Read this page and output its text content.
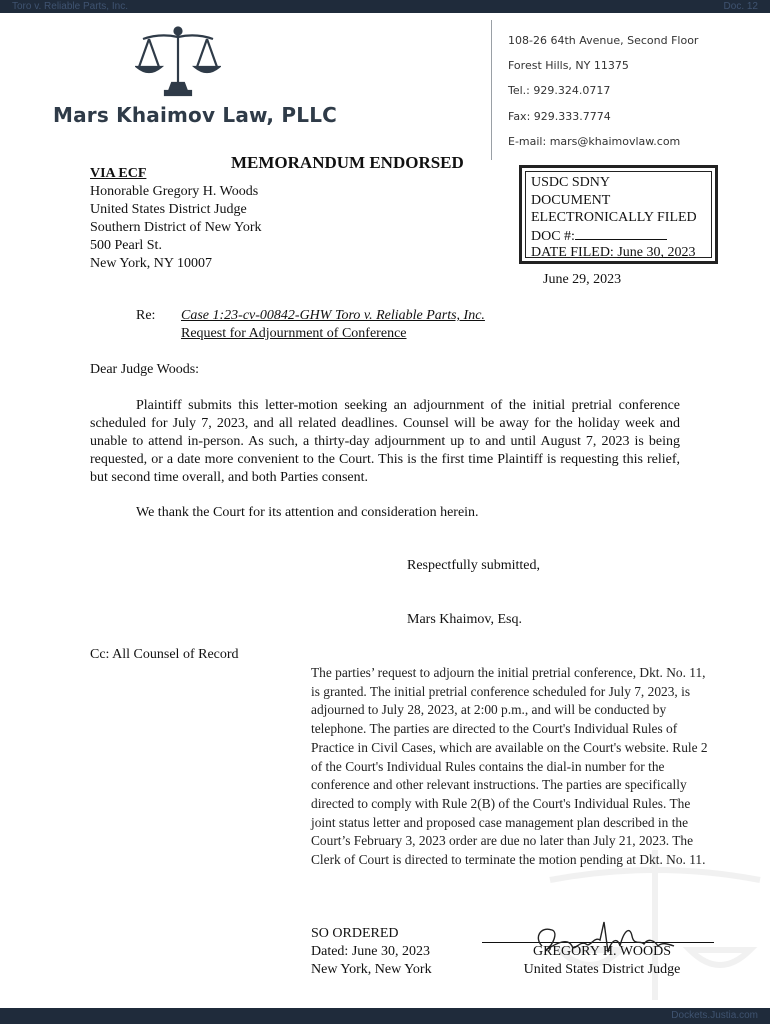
Toro v. Reliable Parts, Inc.	Doc. 12
Mars Khaimov Law, PLLC
108-26 64th Avenue, Second Floor
Forest Hills, NY 11375
Tel.: 929.324.0717
Fax: 929.333.7774
E-mail: mars@khaimovlaw.com
MEMORANDUM ENDORSED
VIA ECF
Honorable Gregory H. Woods
United States District Judge
Southern District of New York
500 Pearl St.
New York, NY 10007
USDC SDNY
DOCUMENT
ELECTRONICALLY FILED
DOC #:
DATE FILED: June 30, 2023
June 29, 2023
Re: Case 1:23-cv-00842-GHW Toro v. Reliable Parts, Inc.
Request for Adjournment of Conference
Dear Judge Woods:
Plaintiff submits this letter-motion seeking an adjournment of the initial pretrial conference scheduled for July 7, 2023, and all related deadlines. Counsel will be away for the holiday week and unable to attend in-person. As such, a thirty-day adjournment up to and until August 7, 2023 is being requested, or a date more convenient to the Court. This is the first time Plaintiff is requesting this relief, but second time overall, and both Parties consent.
We thank the Court for its attention and consideration herein.
Respectfully submitted,
Mars Khaimov, Esq.
Cc: All Counsel of Record
The parties’ request to adjourn the initial pretrial conference, Dkt. No. 11, is granted. The initial pretrial conference scheduled for July 7, 2023, is adjourned to July 28, 2023, at 2:00 p.m., and will be conducted by telephone. The parties are directed to the Court's Individual Rules of Practice in Civil Cases, which are available on the Court's website. Rule 2 of the Court's Individual Rules contains the dial-in number for the conference and other relevant instructions. The parties are specifically directed to comply with Rule 2(B) of the Court's Individual Rules. The joint status letter and proposed case management plan described in the Court’s February 3, 2023 order are due no later than July 21, 2023. The Clerk of Court is directed to terminate the motion pending at Dkt. No. 11.
SO ORDERED
Dated: June 30, 2023
New York, New York
GREGORY H. WOODS
United States District Judge
Dockets.Justia.com
